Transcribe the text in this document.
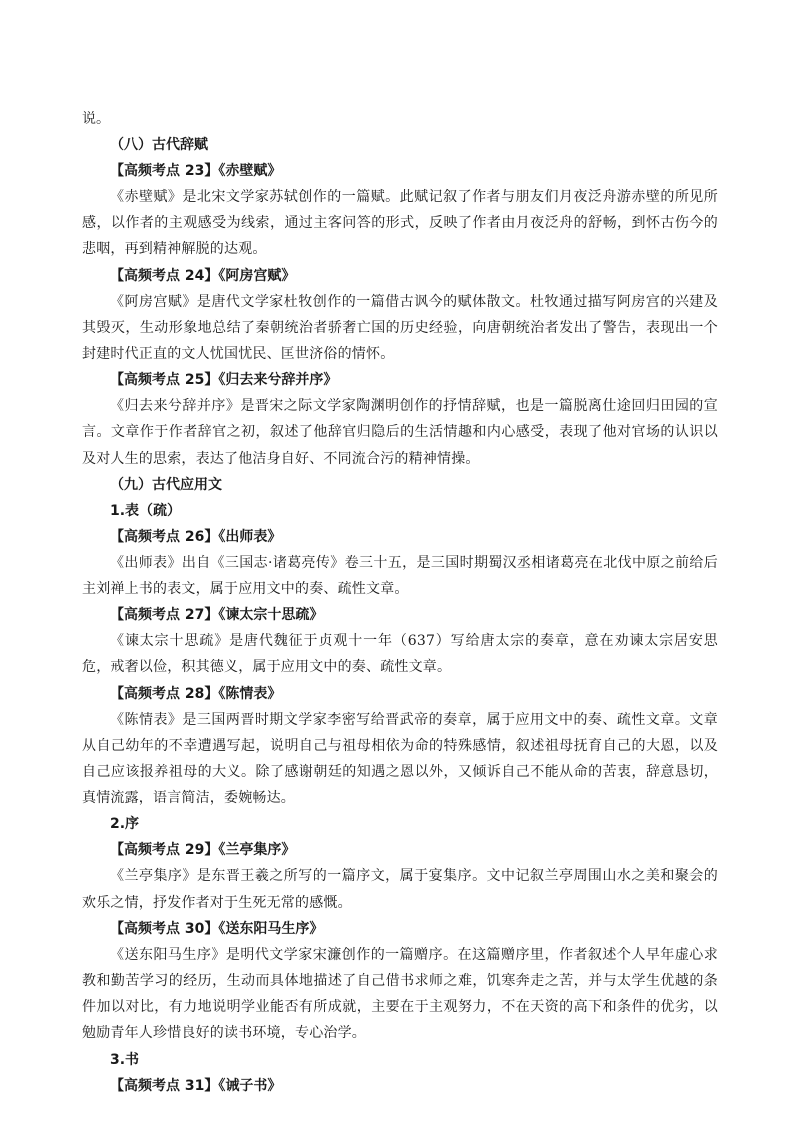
说。

（八）古代辞赋

【高频考点 23】《赤壁赋》

《赤壁赋》是北宋文学家苏轼创作的一篇赋。此赋记叙了作者与朋友们月夜泛舟游赤壁的所见所感，以作者的主观感受为线索，通过主客问答的形式，反映了作者由月夜泛舟的舒畅，到怀古伤今的悲咽，再到精神解脱的达观。

【高频考点 24】《阿房宫赋》

《阿房宫赋》是唐代文学家杜牧创作的一篇借古讽今的赋体散文。杜牧通过描写阿房宫的兴建及其毁灭，生动形象地总结了秦朝统治者骄奢亡国的历史经验，向唐朝统治者发出了警告，表现出一个封建时代正直的文人忧国忧民、匡世济俗的情怀。

【高频考点 25】《归去来兮辞并序》

《归去来兮辞并序》是晋宋之际文学家陶渊明创作的抒情辞赋，也是一篇脱离仕途回归田园的宣言。文章作于作者辞官之初，叙述了他辞官归隐后的生活情趣和内心感受，表现了他对官场的认识以及对人生的思索，表达了他洁身自好、不同流合污的精神情操。

（九）古代应用文

1.表（疏）

【高频考点 26】《出师表》

《出师表》出自《三国志·诸葛亮传》卷三十五，是三国时期蜀汉丞相诸葛亮在北伐中原之前给后主刘禅上书的表文，属于应用文中的奏、疏性文章。

【高频考点 27】《谏太宗十思疏》

《谏太宗十思疏》是唐代魏征于贞观十一年（637）写给唐太宗的奏章，意在劝谏太宗居安思危，戒奢以俭，积其德义，属于应用文中的奏、疏性文章。

【高频考点 28】《陈情表》

《陈情表》是三国两晋时期文学家李密写给晋武帝的奏章，属于应用文中的奏、疏性文章。文章从自己幼年的不幸遭遇写起，说明自己与祖母相依为命的特殊感情，叙述祖母抚育自己的大恩，以及自己应该报养祖母的大义。除了感谢朝廷的知遇之恩以外，又倾诉自己不能从命的苦衷，辞意恳切，真情流露，语言简洁，委婉畅达。

2.序

【高频考点 29】《兰亭集序》

《兰亭集序》是东晋王羲之所写的一篇序文，属于宴集序。文中记叙兰亭周围山水之美和聚会的欢乐之情，抒发作者对于生死无常的感慨。

【高频考点 30】《送东阳马生序》

《送东阳马生序》是明代文学家宋濂创作的一篇赠序。在这篇赠序里，作者叙述个人早年虚心求教和勤苦学习的经历，生动而具体地描述了自己借书求师之难，饥寒奔走之苦，并与太学生优越的条件加以对比，有力地说明学业能否有所成就，主要在于主观努力，不在天资的高下和条件的优劣，以勉励青年人珍惜良好的读书环境，专心治学。

3.书

【高频考点 31】《诫子书》
